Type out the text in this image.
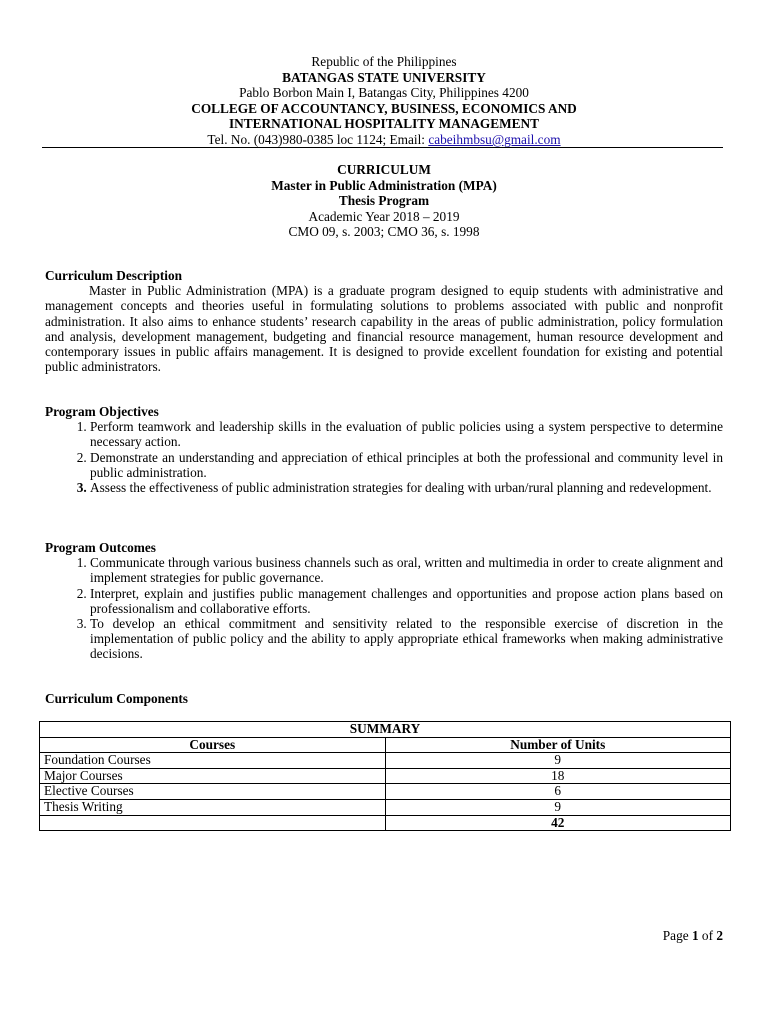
Republic of the Philippines
BATANGAS STATE UNIVERSITY
Pablo Borbon Main I, Batangas City, Philippines 4200
COLLEGE OF ACCOUNTANCY, BUSINESS, ECONOMICS AND
INTERNATIONAL HOSPITALITY MANAGEMENT
Tel. No. (043)980-0385 loc 1124; Email: cabeihmbsu@gmail.com
CURRICULUM
Master in Public Administration (MPA)
Thesis Program
Academic Year 2018 – 2019
CMO 09, s. 2003; CMO 36, s. 1998
Curriculum Description

Master in Public Administration (MPA) is a graduate program designed to equip students with administrative and management concepts and theories useful in formulating solutions to problems associated with public and nonprofit administration. It also aims to enhance students’ research capability in the areas of public administration, policy formulation and analysis, development management, budgeting and financial resource management, human resource development and contemporary issues in public affairs management. It is designed to provide excellent foundation for existing and potential public administrators.

Program Objectives
1. Perform teamwork and leadership skills in the evaluation of public policies using a system perspective to determine necessary action.
2. Demonstrate an understanding and appreciation of ethical principles at both the professional and community level in public administration.
3. Assess the effectiveness of public administration strategies for dealing with urban/rural planning and redevelopment.
Program Outcomes
1. Communicate through various business channels such as oral, written and multimedia in order to create alignment and implement strategies for public governance.
2. Interpret, explain and justifies public management challenges and opportunities and propose action plans based on professionalism and collaborative efforts.
3. To develop an ethical commitment and sensitivity related to the responsible exercise of discretion in the implementation of public policy and the ability to apply appropriate ethical frameworks when making administrative decisions.
Curriculum Components
SUMMARY	
Courses	Number of Units
Foundation Courses	9
Major Courses	18
Elective Courses	6
Thesis Writing	9
	42
Page 1 of 2
